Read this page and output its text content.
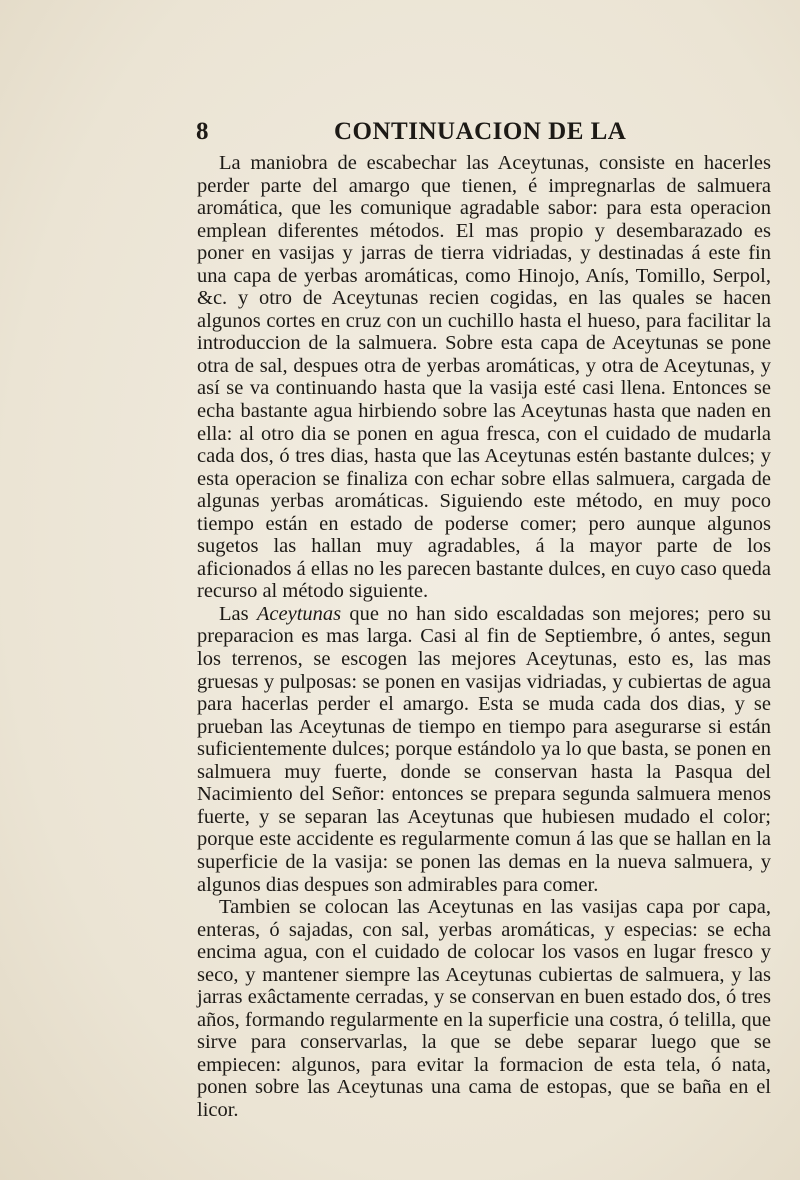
8	CONTINUACION DE LA

La maniobra de escabechar las Aceytunas, consiste en hacerles perder parte del amargo que tienen, é impregnarlas de salmuera aromática, que les comunique agradable sabor: para esta operacion emplean diferentes métodos. El mas propio y desembarazado es poner en vasijas y jarras de tierra vidriadas, y destinadas á este fin una capa de yerbas aromáticas, como Hinojo, Anís, Tomillo, Serpol, &c. y otro de Aceytunas recien cogidas, en las quales se hacen algunos cortes en cruz con un cuchillo hasta el hueso, para facilitar la introduccion de la salmuera. Sobre esta capa de Aceytunas se pone otra de sal, despues otra de yerbas aromáticas, y otra de Aceytunas, y así se va continuando hasta que la vasija esté casi llena. Entonces se echa bastante agua hirbiendo sobre las Aceytunas hasta que naden en ella: al otro dia se ponen en agua fresca, con el cuidado de mudarla cada dos, ó tres dias, hasta que las Aceytunas estén bastante dulces; y esta operacion se finaliza con echar sobre ellas salmuera, cargada de algunas yerbas aromáticas. Siguiendo este método, en muy poco tiempo están en estado de poderse comer; pero aunque algunos sugetos las hallan muy agradables, á la mayor parte de los aficionados á ellas no les parecen bastante dulces, en cuyo caso queda recurso al método siguiente.

Las Aceytunas que no han sido escaldadas son mejores; pero su preparacion es mas larga. Casi al fin de Septiembre, ó antes, segun los terrenos, se escogen las mejores Aceytunas, esto es, las mas gruesas y pulposas: se ponen en vasijas vidriadas, y cubiertas de agua para hacerlas perder el amargo. Esta se muda cada dos dias, y se prueban las Aceytunas de tiempo en tiempo para asegurarse si están suficientemente dulces; porque estándolo ya lo que basta, se ponen en salmuera muy fuerte, donde se conservan hasta la Pasqua del Nacimiento del Señor: entonces se prepara segunda salmuera menos fuerte, y se separan las Aceytunas que hubiesen mudado el color; porque este accidente es regularmente comun á las que se hallan en la superficie de la vasija: se ponen las demas en la nueva salmuera, y algunos dias despues son admirables para comer.

Tambien se colocan las Aceytunas en las vasijas capa por capa, enteras, ó sajadas, con sal, yerbas aromáticas, y especias: se echa encima agua, con el cuidado de colocar los vasos en lugar fresco y seco, y mantener siempre las Aceytunas cubiertas de salmuera, y las jarras exâctamente cerradas, y se conservan en buen estado dos, ó tres años, formando regularmente en la superficie una costra, ó telilla, que sirve para conservarlas, la que se debe separar luego que se empiecen: algunos, para evitar la formacion de esta tela, ó nata, ponen sobre las Aceytunas una cama de estopas, que se baña en el licor.
